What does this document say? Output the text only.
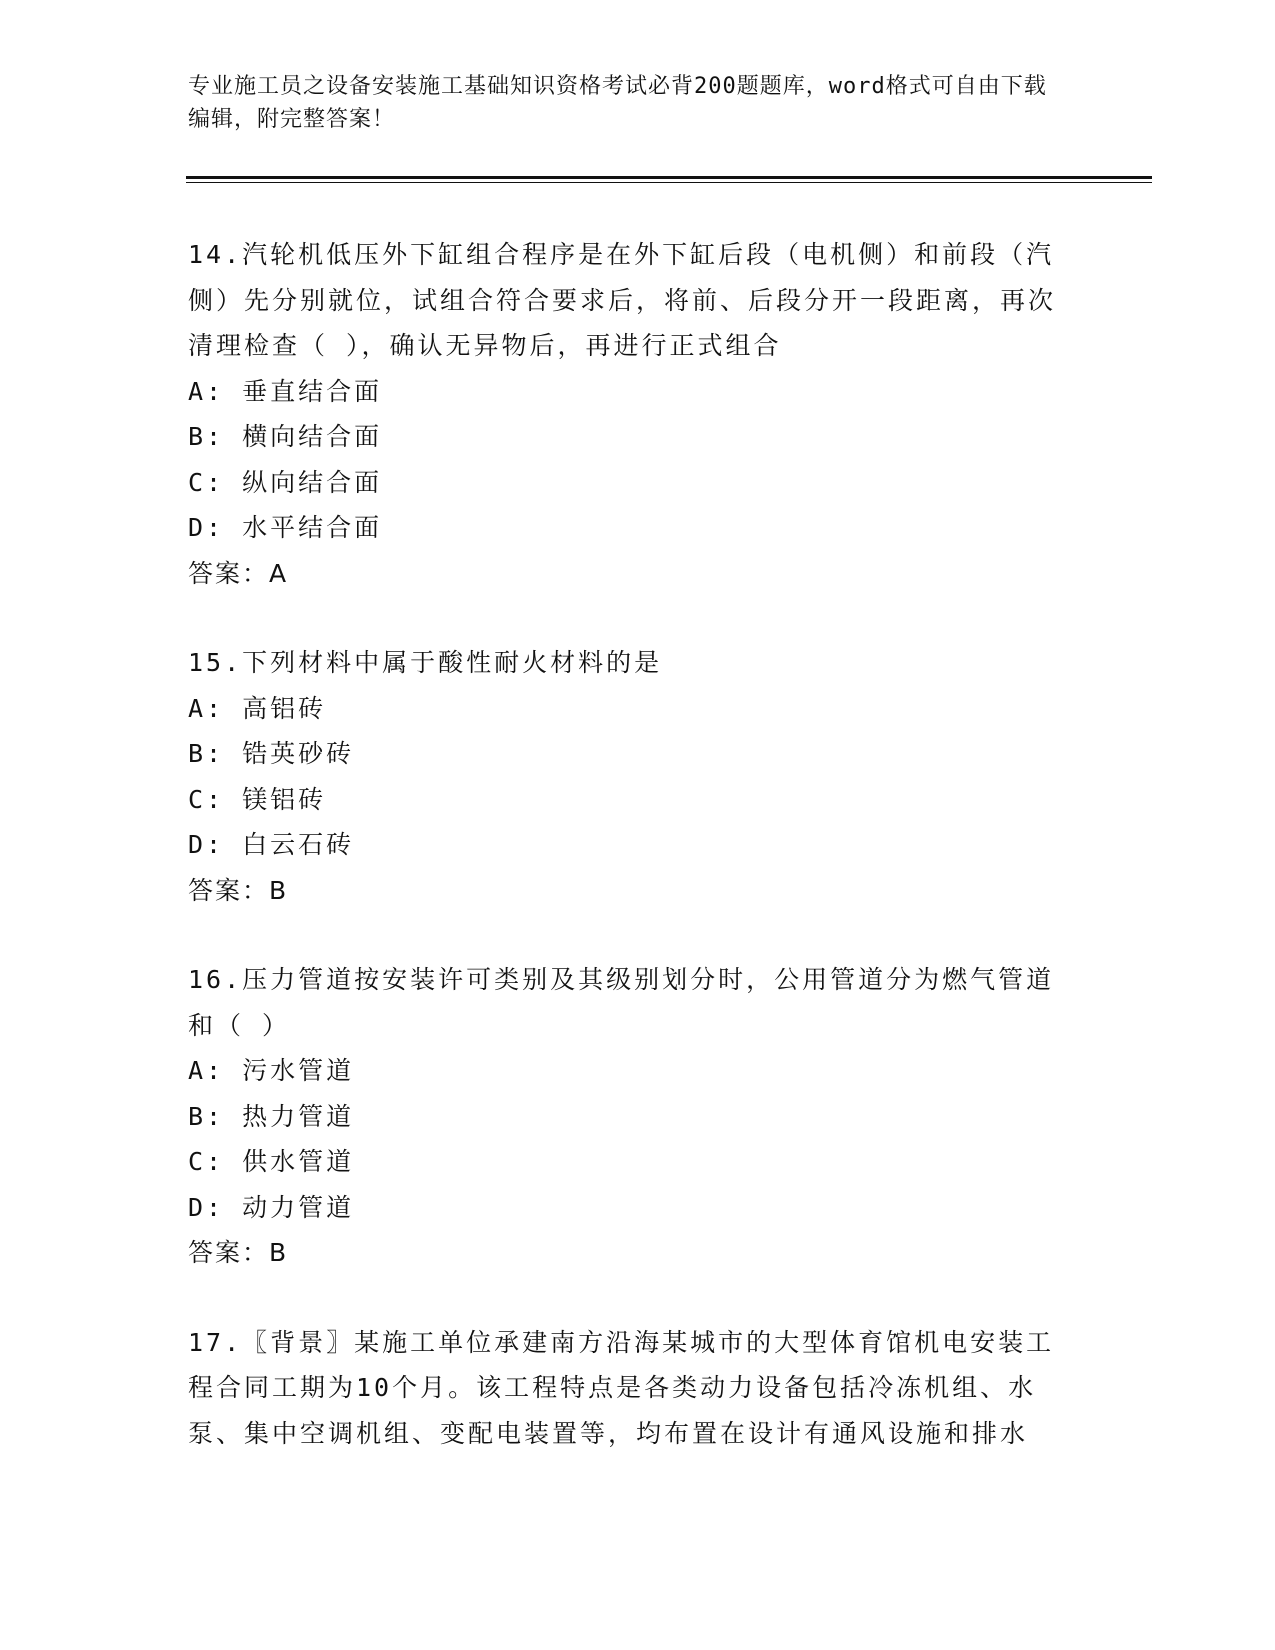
专业施工员之设备安装施工基础知识资格考试必背200题题库，word格式可自由下载编辑，附完整答案！

14.汽轮机低压外下缸组合程序是在外下缸后段（电机侧）和前段（汽侧）先分别就位，试组合符合要求后，将前、后段分开一段距离，再次清理检查（ ），确认无异物后，再进行正式组合

A: 垂直结合面

B: 横向结合面

C: 纵向结合面

D: 水平结合面

答案：A

15.下列材料中属于酸性耐火材料的是

A: 高铝砖

B: 锆英砂砖

C: 镁铝砖

D: 白云石砖

答案：B

16.压力管道按安装许可类别及其级别划分时，公用管道分为燃气管道和（ ）

A: 污水管道

B: 热力管道

C: 供水管道

D: 动力管道

答案：B

17.〖背景〗某施工单位承建南方沿海某城市的大型体育馆机电安装工程合同工期为10个月。该工程特点是各类动力设备包括冷冻机组、水泵、集中空调机组、变配电装置等，均布置在设计有通风设施和排水
